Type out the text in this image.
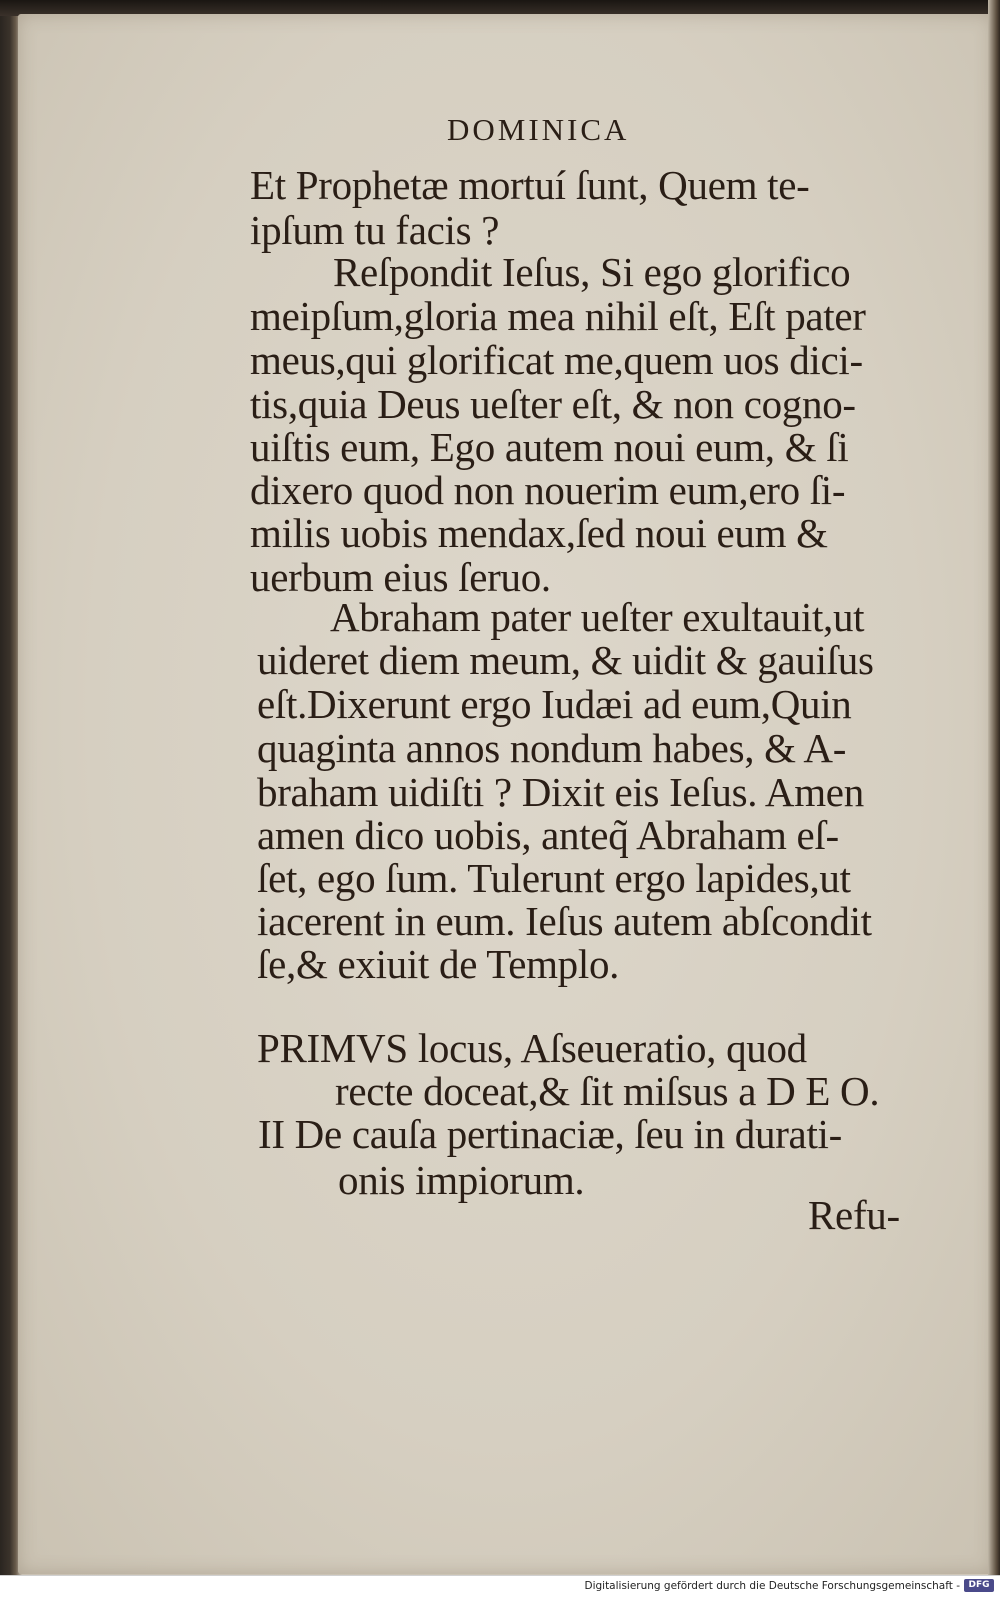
DOMINICA
Et Prophetæ mortuí ſunt, Quem te-
ipſum tu facis ?
Reſpondit Ieſus, Si ego glorifico
meipſum,gloria mea nihil eſt, Eſt pater
meus,qui glorificat me,quem uos dici-
tis,quia Deus ueſter eſt, & non cogno-
uiſtis eum, Ego autem noui eum, & ſi
dixero quod non nouerim eum,ero ſi-
milis uobis mendax,ſed noui eum &
uerbum eius ſeruo.
Abraham pater ueſter exultauit,ut
uideret diem meum, & uidit & gauiſus
eſt.Dixerunt ergo Iudæi ad eum,Quin
quaginta annos nondum habes, & A-
braham uidiſti ? Dixit eis Ieſus. Amen
amen dico uobis, anteq̃ Abraham eſ-
ſet, ego ſum. Tulerunt ergo lapides,ut
iacerent in eum. Ieſus autem abſcondit
ſe,& exiuit de Templo.
PRIMVS locus, Aſseueratio, quod
recte doceat,& ſit miſsus a D E O.
II De cauſa pertinaciæ, ſeu in durati-
onis impiorum.
Refu-
Digitalisierung gefördert durch die Deutsche Forschungsgemeinschaft - DFG
